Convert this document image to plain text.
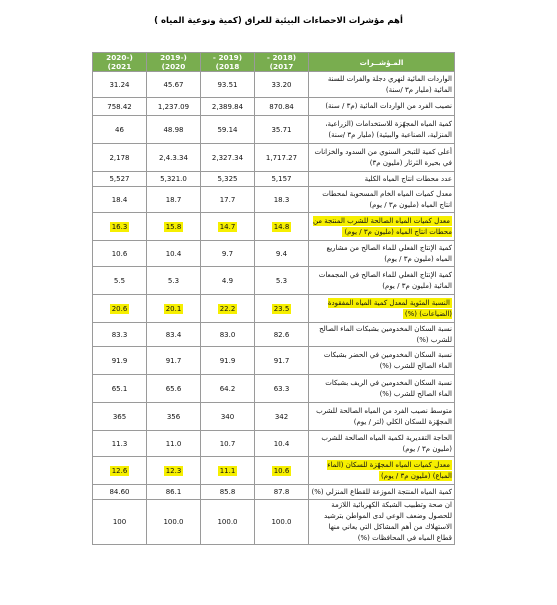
أهم مؤشرات الاحصاءات البيئية للعراق (كمية ونوعية المياه )
المـؤشــرات	(2018 - 2017)	(2019 - 2018)	(2019-2020)	(2020-2021)
الواردات المائية لنهري دجلة والفرات للسنة المائية (مليار م٣ /سنة)	33.20	93.51	45.67	31.24
نصيب الفرد من الواردات المائية (م٣ / سنة)	870.84	2,389.84	1,237.09	758.42
كمية المياه المجهّزة للاستخدامات (الزراعية، المنزلية، الصناعية والبيئية) (مليار م٣ /سنة)	35.71	59.14	48.98	46
أعلى كمية للتبخر السنوي من السدود والخزانات في بحيرة الثرثار (مليون م٣)	1,717.27	2,327.34	2,4.3.34	2,178
عدد محطات انتاج المياه الكلية	5,157	5,325	5,321.0	5,527
معدل كميات المياه الخام المسحوبة لمحطات انتاج المياه (مليون م٣ / يوم)	18.3	17.7	18.7	18.4
معدل كميات المياه الصالحة للشرب المنتجة من محطات انتاج المياه (مليون م٣ / يوم)	14.8	14.7	15.8	16.3
كمية الإنتاج الفعلي للماء الصالح من مشاريع المياه (مليون م٣ / يوم)	9.4	9.7	10.4	10.6
كمية الإنتاج الفعلي للماء الصالح في المجمعات المائية (مليون م٣ / يوم)	5.3	4.9	5.3	5.5
النسبة المئوية لمعدل كمية المياه المفقودة (الضياعات) (%)	23.5	22.2	20.1	20.6
نسبة السكان المخدومين بشبكات الماء الصالح للشرب (%)	82.6	83.0	83.4	83.3
نسبة السكان المخدومين في الحضر بشبكات الماء الصالح للشرب (%)	91.7	91.9	91.7	91.9
نسبة السكان المخدومين في الريف بشبكات الماء الصالح للشرب (%)	63.3	64.2	65.6	65.1
متوسط نصيب الفرد من المياه الصالحة للشرب المجهّزة للسكان الكلي (لتر / يوم)	342	340	356	365
الحاجة التقديرية لكمية المياه الصالحة للشرب (مليون م٣ / يوم)	10.4	10.7	11.0	11.3
معدل كميات المياه المجهّزة للسكان (الماء المباع) (مليون م٣ / يوم)	10.6	11.1	12.3	12.6
كمية المياه المنتجة الموزعة للقطاع المنزلي (%)	87.8	85.8	86.1	84.60
ان صحة وتطبيب الشبكة الكهربائية اللازمة للحصول وضعف الوعي لدى المواطن بترشيد الاستهلاك من أهم المشاكل التي يعاني منها قطاع المياه في المحافظات (%)	100.0	100.0	100.0	100
